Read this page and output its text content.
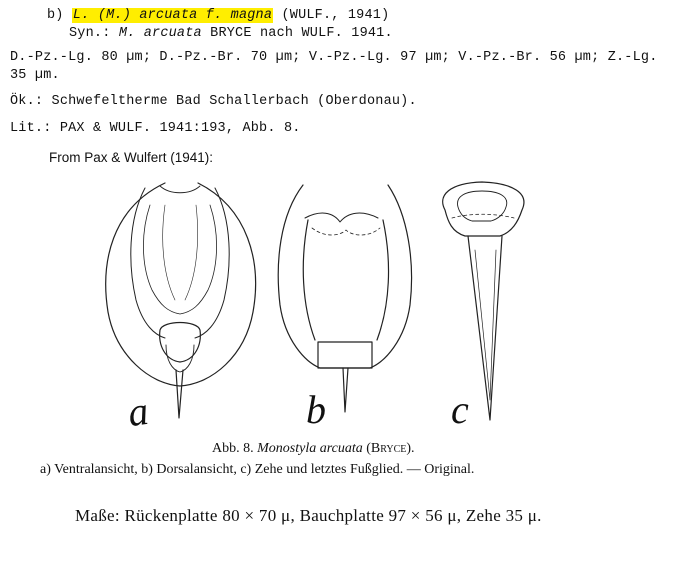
b) L. (M.) arcuata f. magna (WULF., 1941)
Syn.: M. arcuata BRYCE nach WULF. 1941.
D.-Pz.-Lg. 80 µm; D.-Pz.-Br. 70 µm; V.-Pz.-Lg. 97 µm; V.-Pz.-Br. 56 µm; Z.-Lg.
35 µm.
Ök.: Schwefeltherme Bad Schallerbach (Oberdonau).
Lit.: PAX & WULF. 1941:193, Abb. 8.
From Pax & Wulfert (1941):
a	b	c
Abb. 8. Monostyla arcuata (Bryce).
a) Ventralansicht, b) Dorsalansicht, c) Zehe und letztes Fußglied. — Original.
Maße: Rückenplatte 80 × 70 μ, Bauchplatte 97 × 56 μ, Zehe 35 μ.
